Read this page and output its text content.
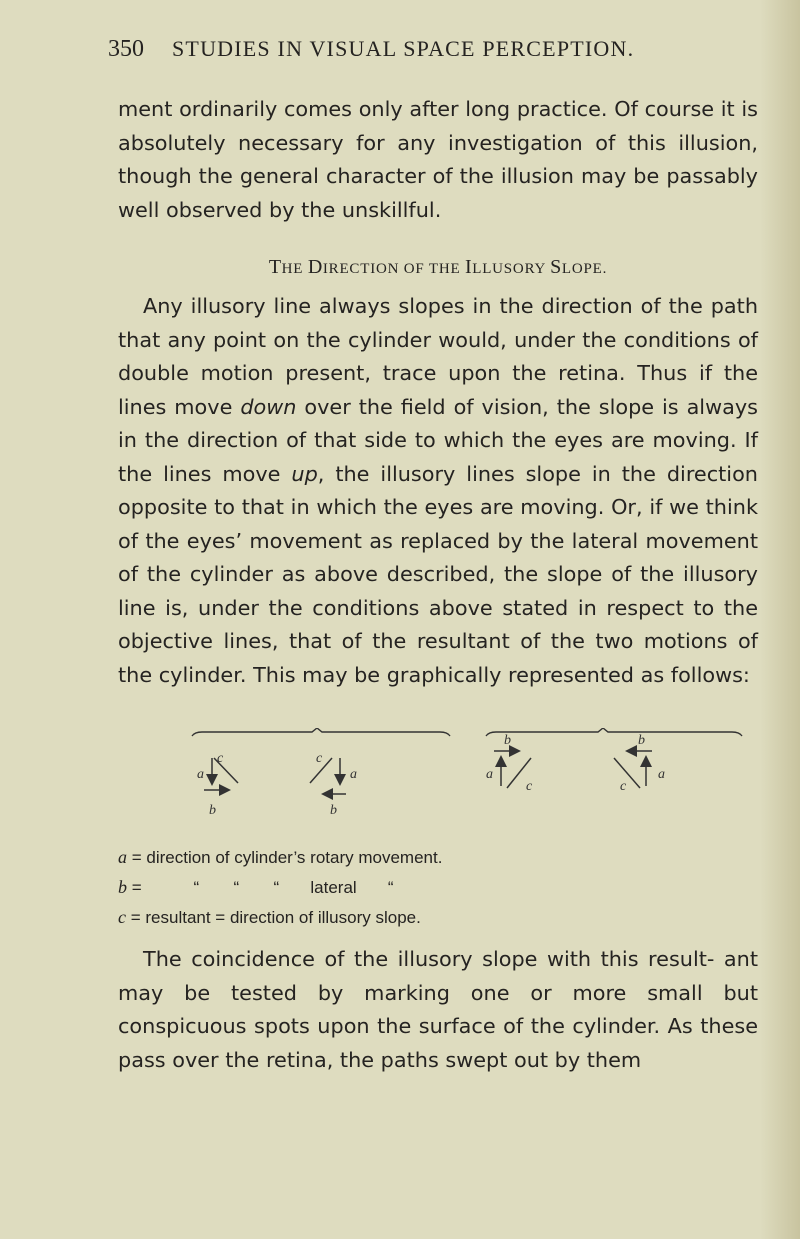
350 STUDIES IN VISUAL SPACE PERCEPTION.

ment ordinarily comes only after long practice. Of course it is absolutely necessary for any investigation of this illusion, though the general character of the illusion may be passably well observed by the unskillful.

THE DIRECTION OF THE ILLUSORY SLOPE.

Any illusory line always slopes in the direction of the path that any point on the cylinder would, under the conditions of double motion present, trace upon the retina. Thus if the lines move down over the field of vision, the slope is always in the direction of that side to which the eyes are moving. If the lines move up, the illusory lines slope in the direction opposite to that in which the eyes are moving. Or, if we think of the eyes’ movement as replaced by the lateral movement of the cylinder as above described, the slope of the illusory line is, under the conditions above stated in respect to the objective lines, that of the resultant of the two motions of the cylinder. This may be graphically represented as follows:

c
a
b
c
a
b
b
a
c
b
a
c
a = direction of cylinder’s rotary movement.
b =	“ “ “ lateral “
c = resultant = direction of illusory slope.

The coincidence of the illusory slope with this result- ant may be tested by marking one or more small but conspicuous spots upon the surface of the cylinder. As these pass over the retina, the paths swept out by them
